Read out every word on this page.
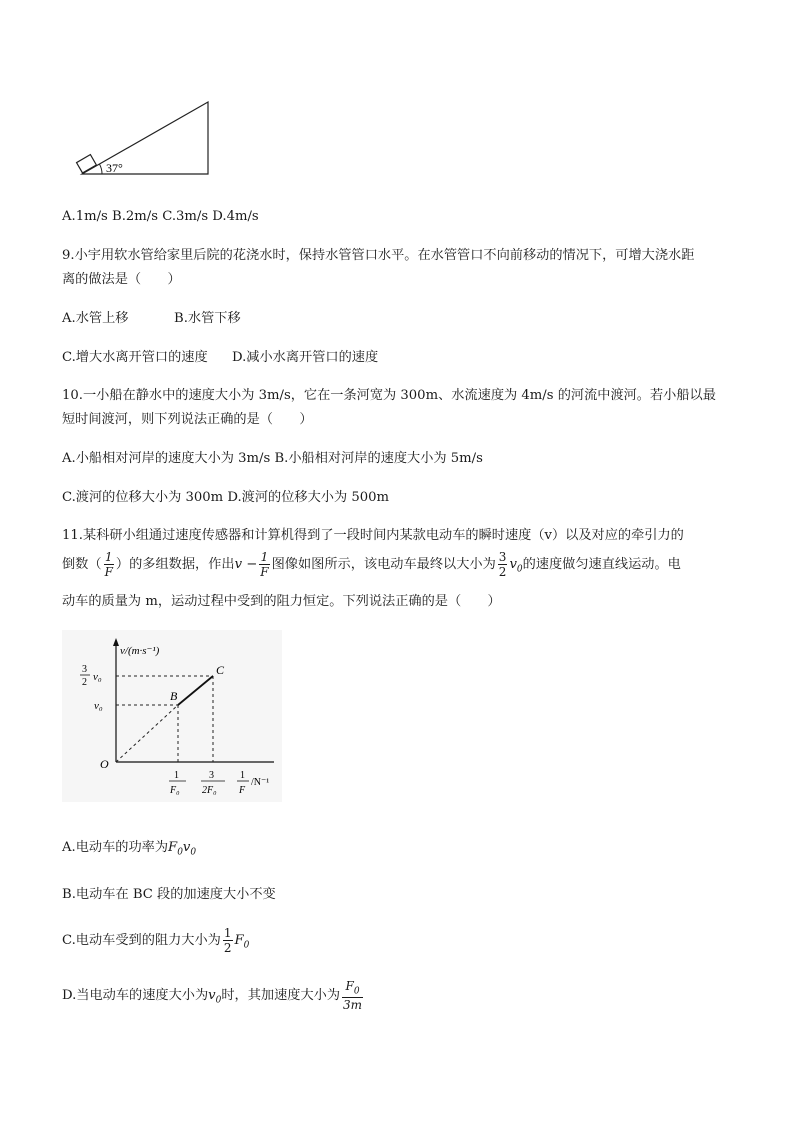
37°
A.1m/s B.2m/s C.3m/s D.4m/s
9.小宇用软水管给家里后院的花浇水时，保持水管管口水平。在水管管口不向前移动的情况下，可增大浇水距
离的做法是（　　）
A.水管上移	B.水管下移
C.增大水离开管口的速度 D.减小水离开管口的速度
10.一小船在静水中的速度大小为 3m/s，它在一条河宽为 300m、水流速度为 4m/s 的河流中渡河。若小船以最
短时间渡河，则下列说法正确的是（　　）
A.小船相对河岸的速度大小为 3m/s B.小船相对河岸的速度大小为 5m/s
C.渡河的位移大小为 300m D.渡河的位移大小为 500m
11.某科研小组通过速度传感器和计算机得到了一段时间内某款电动车的瞬时速度（v）以及对应的牵引力的
倒数（ $\frac{1}{F}$ ）的多组数据，作出$v - \frac{1}{F}$ 图像如图所示，该电动车最终以大小为 $\frac{3}{2} v_0$的速度做匀速直线运动。电
动车的质量为 m，运动过程中受到的阻力恒定。下列说法正确的是（　　）
v/(m·s⁻¹)
3
2 v₀
v₀
O
B
C
1
F₀
3
2F₀
1
F
/N⁻¹
A.电动车的功率为$F_0v_0$
B.电动车在 BC 段的加速度大小不变
C.电动车受到的阻力大小为 $\frac{1}{2} F_0$
D.当电动车的速度大小为$v_0$时，其加速度大小为 $\frac{F_0}{3m}$
